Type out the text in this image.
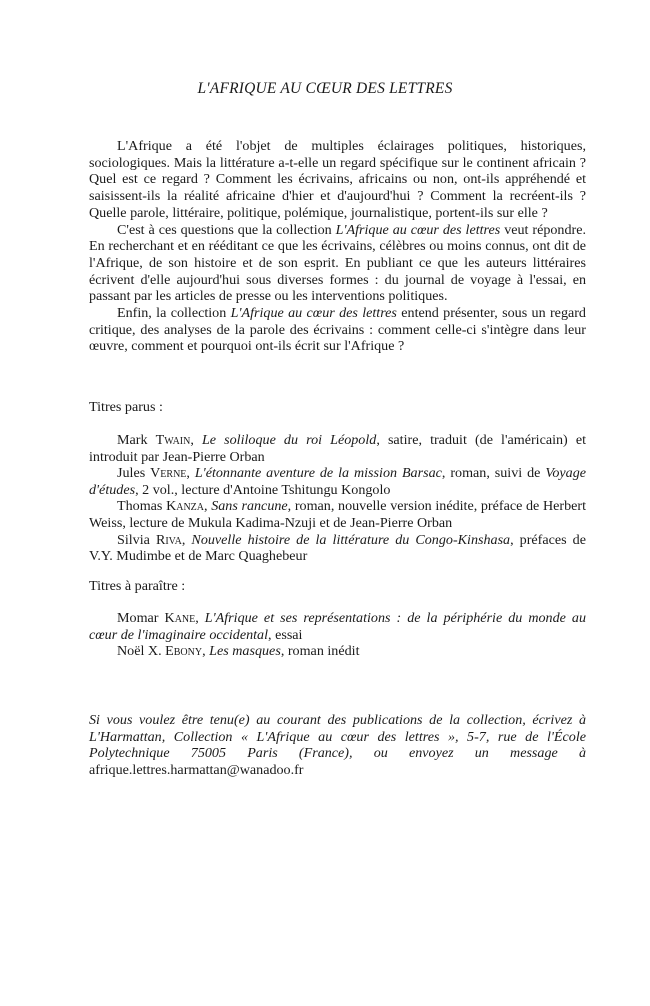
L'AFRIQUE AU CŒUR DES LETTRES

L'Afrique a été l'objet de multiples éclairages politiques, historiques, sociologiques. Mais la littérature a-t-elle un regard spécifique sur le continent africain ? Quel est ce regard ? Comment les écrivains, africains ou non, ont-ils appréhendé et saisissent-ils la réalité africaine d'hier et d'aujourd'hui ? Comment la recréent-ils ? Quelle parole, littéraire, politique, polémique, journalistique, portent-ils sur elle ?

C'est à ces questions que la collection L'Afrique au cœur des lettres veut répondre. En recherchant et en rééditant ce que les écrivains, célèbres ou moins connus, ont dit de l'Afrique, de son histoire et de son esprit. En publiant ce que les auteurs littéraires écrivent d'elle aujourd'hui sous diverses formes : du journal de voyage à l'essai, en passant par les articles de presse ou les interventions politiques.

Enfin, la collection L'Afrique au cœur des lettres entend présenter, sous un regard critique, des analyses de la parole des écrivains : comment celle-ci s'intègre dans leur œuvre, comment et pourquoi ont-ils écrit sur l'Afrique ?

Titres parus :
Mark Twain, Le soliloque du roi Léopold, satire, traduit (de l'américain) et introduit par Jean-Pierre Orban
Jules Verne, L'étonnante aventure de la mission Barsac, roman, suivi de Voyage d'études, 2 vol., lecture d'Antoine Tshitungu Kongolo
Thomas Kanza, Sans rancune, roman, nouvelle version inédite, préface de Herbert Weiss, lecture de Mukula Kadima-Nzuji et de Jean-Pierre Orban
Silvia Riva, Nouvelle histoire de la littérature du Congo-Kinshasa, préfaces de V.Y. Mudimbe et de Marc Quaghebeur
Titres à paraître :
Momar Kane, L'Afrique et ses représentations : de la périphérie du monde au cœur de l'imaginaire occidental, essai
Noël X. Ebony, Les masques, roman inédit
Si vous voulez être tenu(e) au courant des publications de la collection, écrivez à L'Harmattan, Collection « L'Afrique au cœur des lettres », 5-7, rue de l'École Polytechnique 75005 Paris (France), ou envoyez un message à afrique.lettres.harmattan@wanadoo.fr
